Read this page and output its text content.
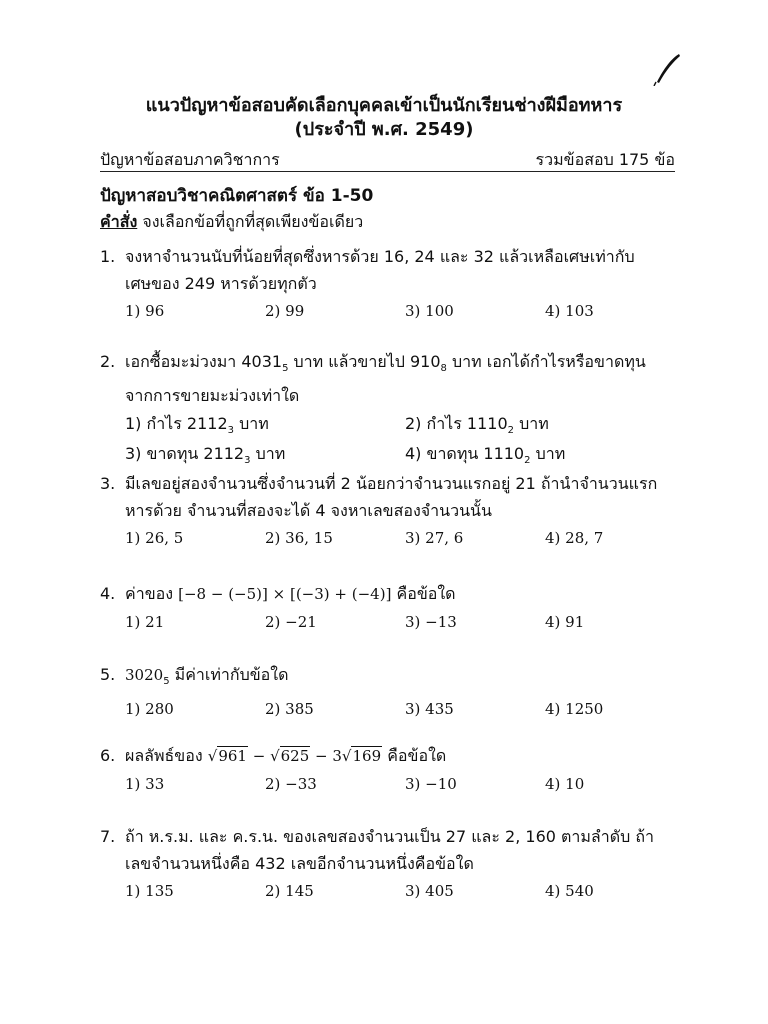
แนวปัญหาข้อสอบคัดเลือกบุคคลเข้าเป็นนักเรียนช่างฝีมือทหาร
(ประจำปี พ.ศ. 2549)
ปัญหาข้อสอบภาควิชาการ	รวมข้อสอบ 175 ข้อ
ปัญหาสอบวิชาคณิตศาสตร์ ข้อ 1-50
คำสั่ง จงเลือกข้อที่ถูกที่สุดเพียงข้อเดียว
1. จงหาจำนวนนับที่น้อยที่สุดซึ่งหารด้วย 16, 24 และ 32 แล้วเหลือเศษเท่ากับ
เศษของ 249 หารด้วยทุกตัว
1) 96	2) 99	3) 100	4) 103
2. เอกซื้อมะม่วงมา $4031_5$ บาท แล้วขายไป $910_8$ บาท เอกได้กำไรหรือขาดทุน
จากการขายมะม่วงเท่าใด
1) กำไร $2112_3$ บาท	2) กำไร $1110_2$ บาท
3) ขาดทุน $2112_3$ บาท	4) ขาดทุน $1110_2$ บาท
3. มีเลขอยู่สองจำนวนซึ่งจำนวนที่ 2 น้อยกว่าจำนวนแรกอยู่ 21 ถ้านำจำนวนแรก
หารด้วย จำนวนที่สองจะได้ 4 จงหาเลขสองจำนวนนั้น
1) 26, 5	2) 36, 15	3) 27, 6	4) 28, 7
4. ค่าของ [−8 − (−5)] × [(−3) + (−4)] คือข้อใด
1) 21	2) −21	3) −13	4) 91
5. $3020_5$ มีค่าเท่ากับข้อใด
1) 280	2) 385	3) 435	4) 1250
6. ผลลัพธ์ของ √961 − √625 − 3√169 คือข้อใด
1) 33	2) −33	3) −10	4) 10
7. ถ้า ห.ร.ม. และ ค.ร.น. ของเลขสองจำนวนเป็น 27 และ 2, 160 ตามลำดับ ถ้า
เลขจำนวนหนึ่งคือ 432 เลขอีกจำนวนหนึ่งคือข้อใด
1) 135	2) 145	3) 405	4) 540
